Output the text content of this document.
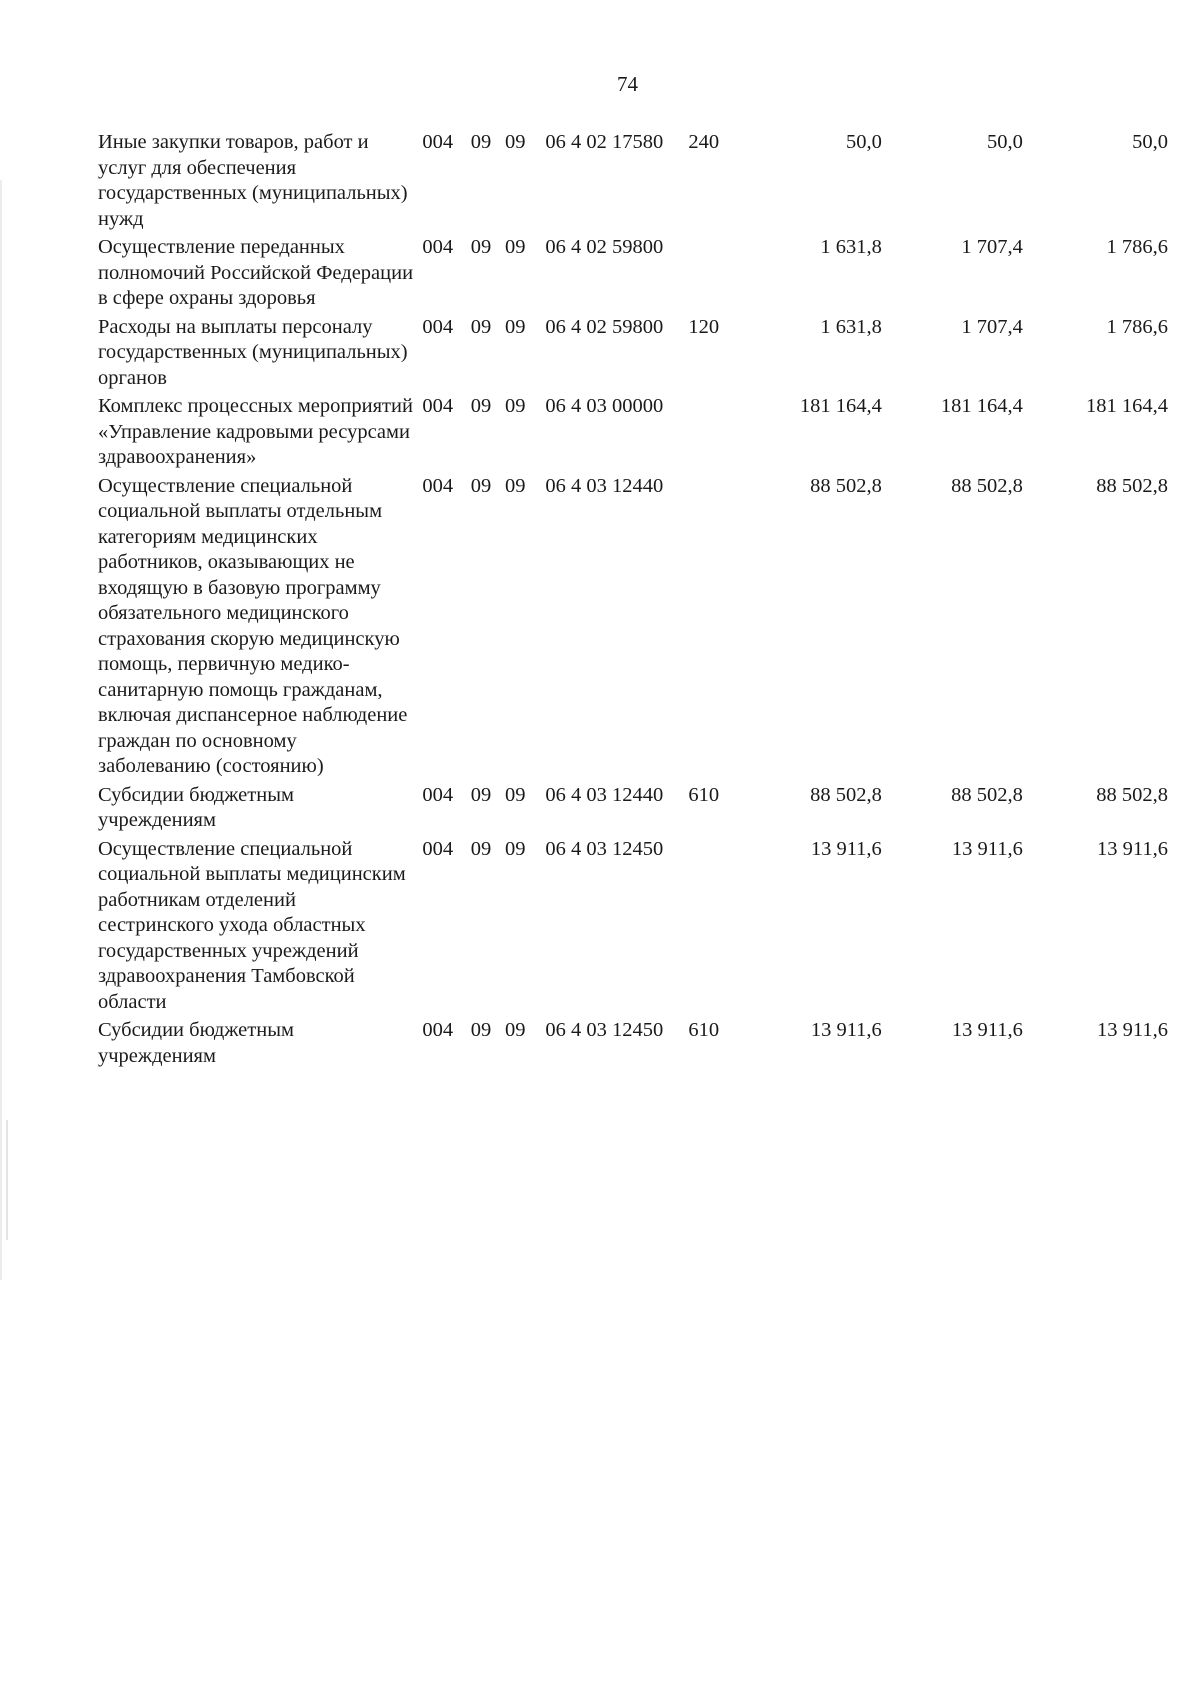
74
Иные закупки товаров, работ и услуг для обеспечения государственных (муниципальных) нужд	004	09	09	06 4 02 17580	240	50,0	50,0	50,0
Осуществление переданных полномочий Российской Федерации в сфере охраны здоровья	004	09	09	06 4 02 59800		1 631,8	1 707,4	1 786,6
Расходы на выплаты персоналу государственных (муниципальных) органов	004	09	09	06 4 02 59800	120	1 631,8	1 707,4	1 786,6
Комплекс процессных мероприятий «Управление кадровыми ресурсами здравоохранения»	004	09	09	06 4 03 00000		181 164,4	181 164,4	181 164,4
Осуществление специальной социальной выплаты отдельным категориям медицинских работников, оказывающих не входящую в базовую программу обязательного медицинского страхования скорую медицинскую помощь, первичную медико-санитарную помощь гражданам, включая диспансерное наблюдение граждан по основному заболеванию (состоянию)	004	09	09	06 4 03 12440		88 502,8	88 502,8	88 502,8
Субсидии бюджетным учреждениям	004	09	09	06 4 03 12440	610	88 502,8	88 502,8	88 502,8
Осуществление специальной социальной выплаты медицинским работникам отделений сестринского ухода областных государственных учреждений здравоохранения Тамбовской области	004	09	09	06 4 03 12450		13 911,6	13 911,6	13 911,6
Субсидии бюджетным учреждениям	004	09	09	06 4 03 12450	610	13 911,6	13 911,6	13 911,6
